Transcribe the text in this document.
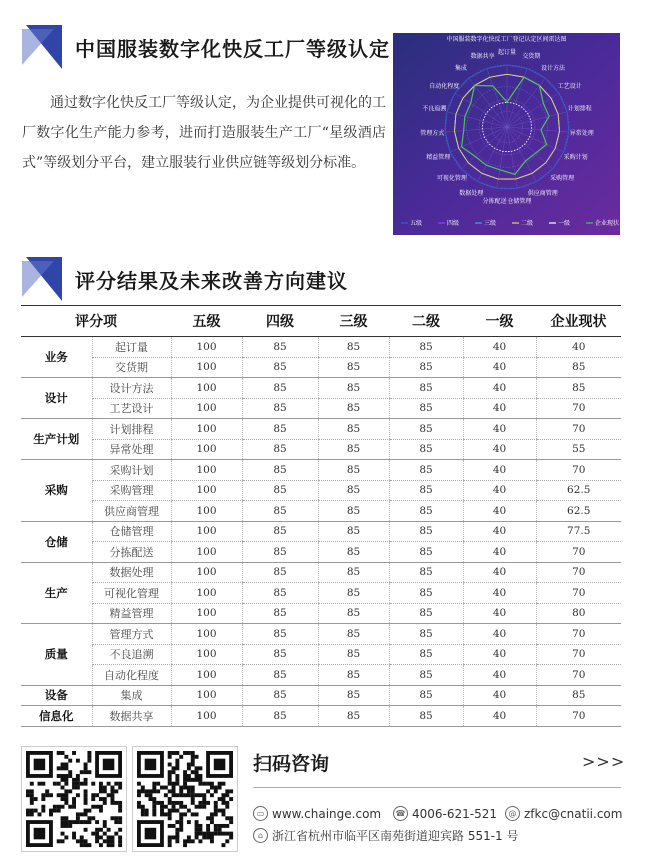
中国服装数字化快反工厂等级认定
通过数字化快反工厂等级认定，为企业提供可视化的工厂数字化生产能力参考，进而打造服装生产工厂“星级酒店式”等级划分平台，建立服装行业供应链等级划分标准。
中国服装数字化快反工厂登记认定区间雷达图
起订量
交货期
设计方法
工艺设计
计划排程
异常处理
采购计划
采购管理
供应商管理
仓储管理
分拣配送
数据处理
可视化管理
精益管理
管理方式
不良追溯
自动化程度
集成
数据共享
五级	四级	三级	二级	一级	企业现状
评分结果及未来改善方向建议
评分项		五级	四级	三级	二级	一级	企业现状
业务	起订量	100	85	85	85	40	40
	交货期	100	85	85	85	40	85
设计	设计方法	100	85	85	85	40	85
	工艺设计	100	85	85	85	40	70
生产计划	计划排程	100	85	85	85	40	70
	异常处理	100	85	85	85	40	55
采购	采购计划	100	85	85	85	40	70
	采购管理	100	85	85	85	40	62.5
	供应商管理	100	85	85	85	40	62.5
仓储	仓储管理	100	85	85	85	40	77.5
	分拣配送	100	85	85	85	40	70
生产	数据处理	100	85	85	85	40	70
	可视化管理	100	85	85	85	40	70
	精益管理	100	85	85	85	40	80
质量	管理方式	100	85	85	85	40	70
	不良追溯	100	85	85	85	40	70
	自动化程度	100	85	85	85	40	70
设备	集成	100	85	85	85	40	85
信息化	数据共享	100	85	85	85	40	70
扫码咨询	>>>
▭ www.chainge.com	☎ 4006-621-521	@ zfkc@cnatii.com
⌂ 浙江省杭州市临平区南苑街道迎宾路 551-1 号
